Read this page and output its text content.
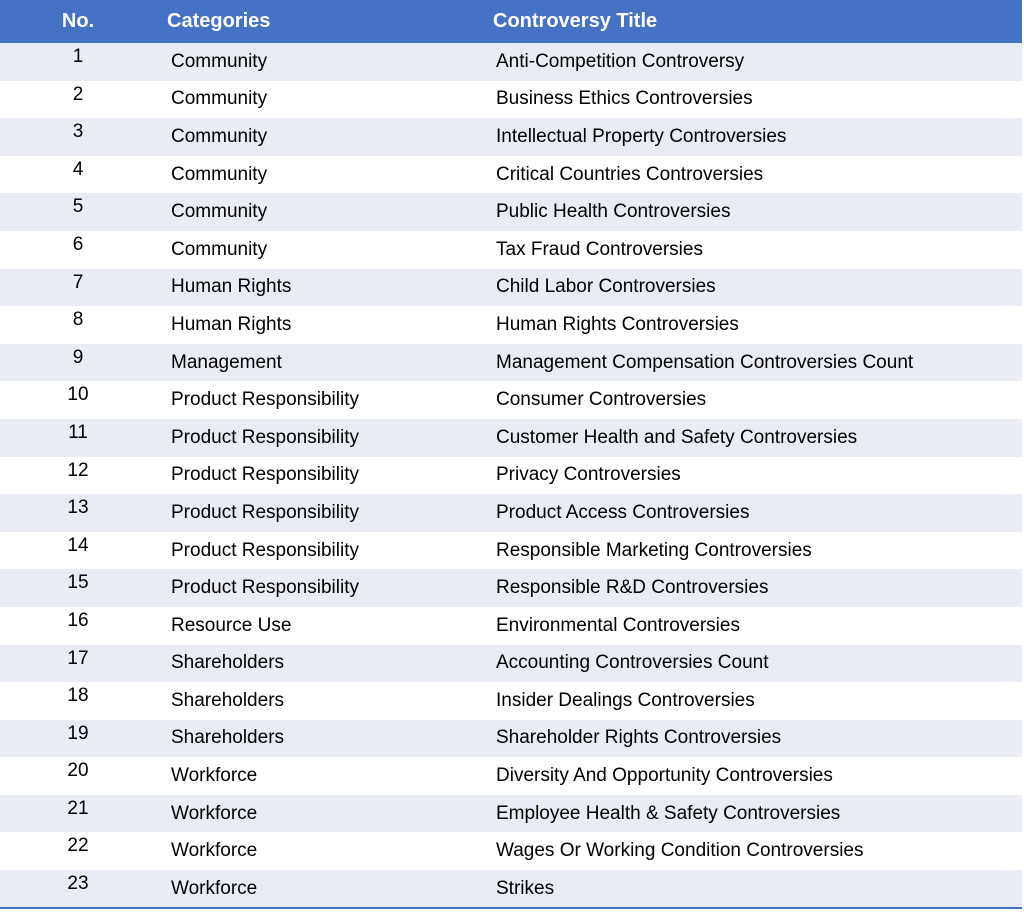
No.	Categories	Controversy Title
1	Community	Anti-Competition Controversy
2	Community	Business Ethics Controversies
3	Community	Intellectual Property Controversies
4	Community	Critical Countries Controversies
5	Community	Public Health Controversies
6	Community	Tax Fraud Controversies
7	Human Rights	Child Labor Controversies
8	Human Rights	Human Rights Controversies
9	Management	Management Compensation Controversies Count
10	Product Responsibility	Consumer Controversies
11	Product Responsibility	Customer Health and Safety Controversies
12	Product Responsibility	Privacy Controversies
13	Product Responsibility	Product Access Controversies
14	Product Responsibility	Responsible Marketing Controversies
15	Product Responsibility	Responsible R&D Controversies
16	Resource Use	Environmental Controversies
17	Shareholders	Accounting Controversies Count
18	Shareholders	Insider Dealings Controversies
19	Shareholders	Shareholder Rights Controversies
20	Workforce	Diversity And Opportunity Controversies
21	Workforce	Employee Health & Safety Controversies
22	Workforce	Wages Or Working Condition Controversies
23	Workforce	Strikes
